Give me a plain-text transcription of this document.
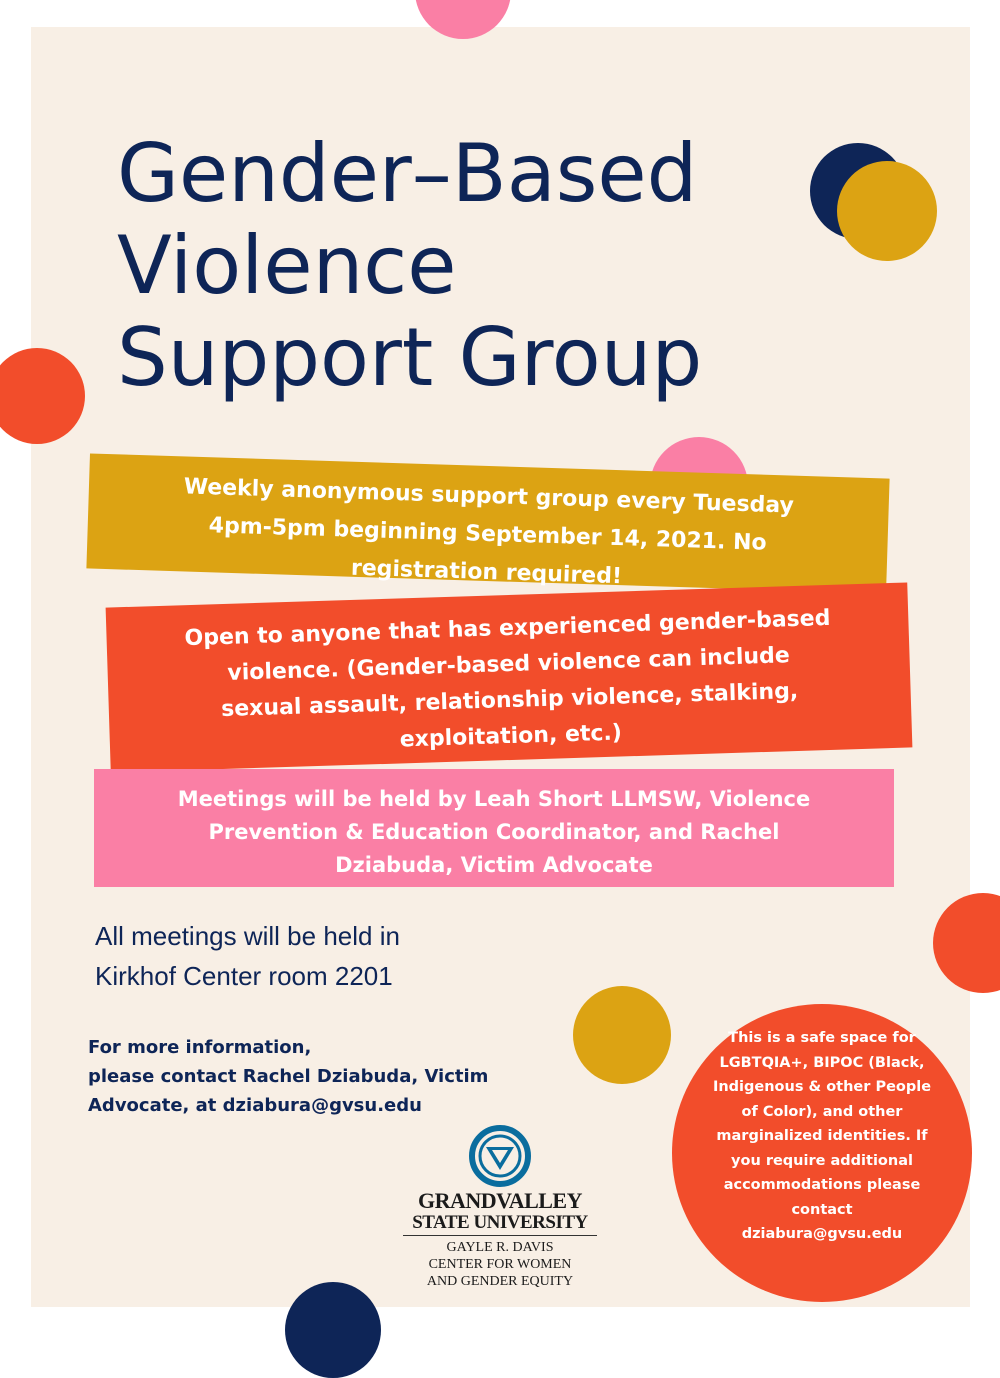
Gender–Based
Violence
Support Group
Weekly anonymous support group every Tuesday
4pm-5pm beginning September 14, 2021. No
registration required!
Open to anyone that has experienced gender-based
violence. (Gender-based violence can include
sexual assault, relationship violence, stalking,
exploitation, etc.)
Meetings will be held by Leah Short LLMSW, Violence
Prevention & Education Coordinator, and Rachel
Dziabuda, Victim Advocate
All meetings will be held in
Kirkhof Center room 2201
For more information,
please contact Rachel Dziabuda, Victim
Advocate, at dziabura@gvsu.edu
This is a safe space for
LGBTQIA+, BIPOC (Black,
Indigenous & other People
of Color), and other
marginalized identities. If
you require additional
accommodations please
contact
dziabura@gvsu.edu
GRANDVALLEY
STATE UNIVERSITY
GAYLE R. DAVIS
CENTER FOR WOMEN
AND GENDER EQUITY
